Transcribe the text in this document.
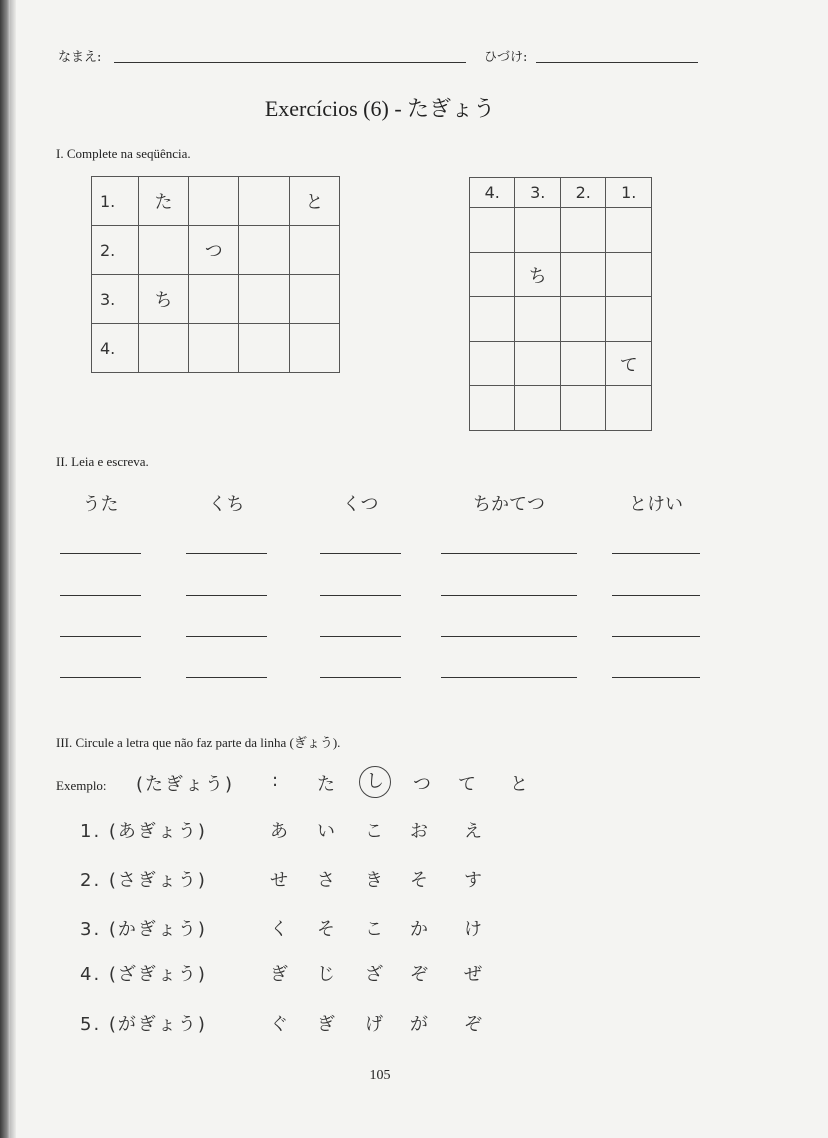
なまえ:	ひづけ:
Exercícios (6) - たぎょう
I. Complete na seqüência.
1.	た			と
2.		つ		
3.	ち			
4.				
4.	3.	2.	1.

	ち		

			て

II. Leia e escreva.
うた	くち	くつ	ちかてつ	とけい
III. Circule a letra que não faz parte da linha (ぎょう).
Exemplo: (たぎょう) :	た	し	つ	て	と
1. (あぎょう)	あ	い	こ	お	え
2. (さぎょう)	せ	さ	き	そ	す
3. (かぎょう)	く	そ	こ	か	け
4. (ざぎょう)	ぎ	じ	ざ	ぞ	ぜ
5. (がぎょう)	ぐ	ぎ	げ	が	ぞ
105
